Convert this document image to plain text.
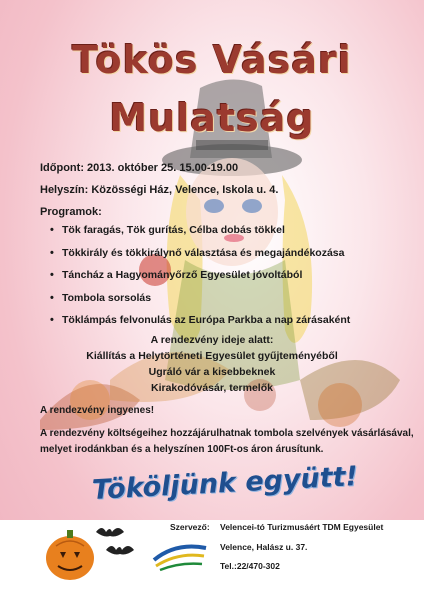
Tökös Vásári
Mulatság
Időpont: 2013. október 25. 15.00-19.00
Helyszín: Közösségi Ház, Velence, Iskola u. 4.
Programok:
• Tök faragás, Tök gurítás, Célba dobás tökkel
• Tökkirály és tökkirálynő választása és megajándékozása
• Táncház a Hagyományőrző Egyesület jóvoltából
• Tombola sorsolás
• Töklámpás felvonulás az Európa Parkba a nap zárásaként
A rendezvény ideje alatt:
Kiállítás a Helytörténeti Egyesület gyűjteményéből
Ugráló vár a kisebbeknek
Kirakodóvásár, termelők
A rendezvény ingyenes!
A rendezvény költségeihez hozzájárulhatnak tombola szelvények vásárlásával,
melyet irodánkban és a helyszínen 100Ft-os áron árusítunk.
Tököljünk együtt!
Szervező: Velencei-tó Turizmusáért TDM Egyesület
Velence, Halász u. 37.
Tel.:22/470-302
